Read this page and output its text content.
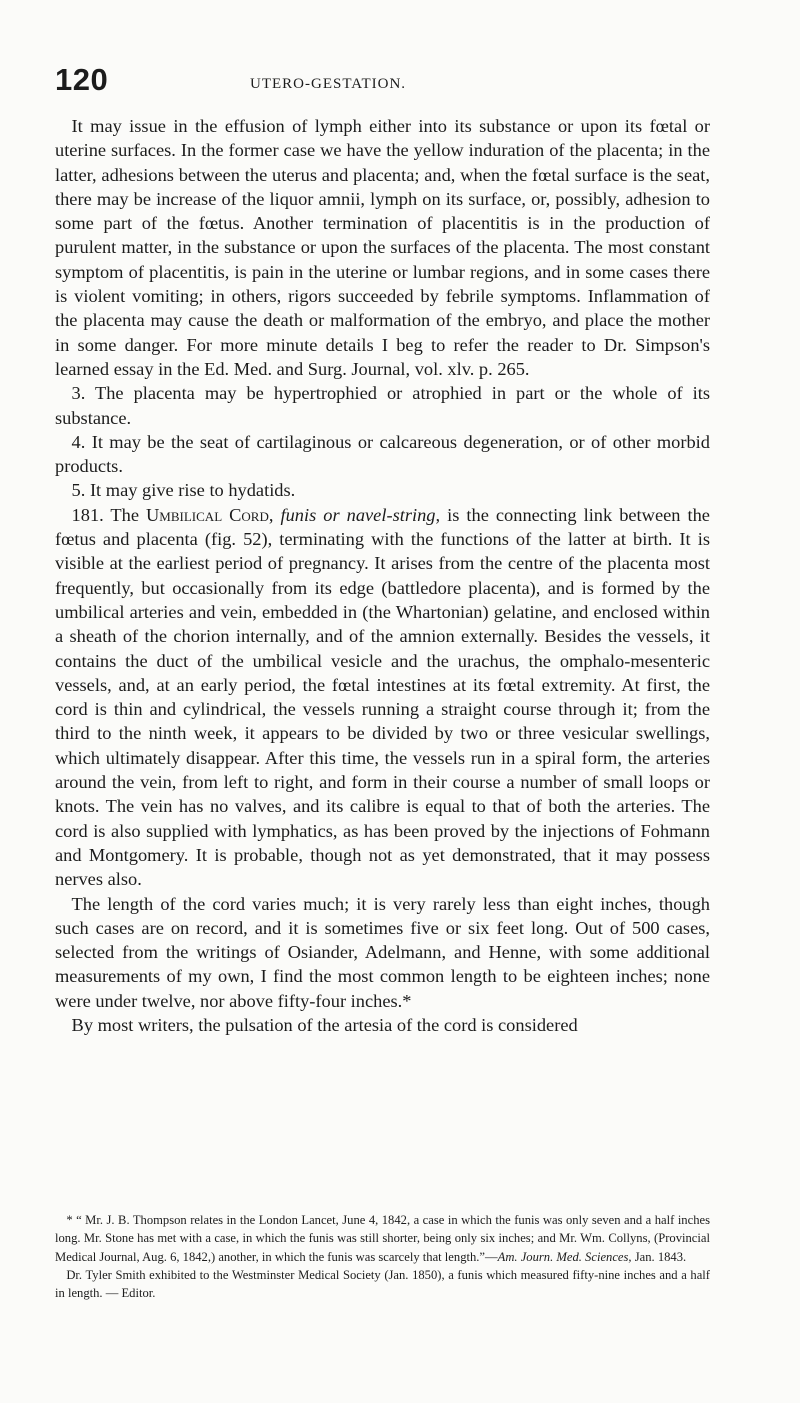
120	UTERO-GESTATION.

It may issue in the effusion of lymph either into its substance or upon its fœtal or uterine surfaces. In the former case we have the yellow induration of the placenta; in the latter, adhesions between the uterus and placenta; and, when the fœtal surface is the seat, there may be increase of the liquor amnii, lymph on its surface, or, possibly, adhesion to some part of the fœtus. Another termination of placentitis is in the production of purulent matter, in the substance or upon the surfaces of the placenta. The most constant symptom of placentitis, is pain in the uterine or lumbar regions, and in some cases there is violent vomiting; in others, rigors succeeded by febrile symptoms. Inflammation of the placenta may cause the death or malformation of the embryo, and place the mother in some danger. For more minute details I beg to refer the reader to Dr. Simpson's learned essay in the Ed. Med. and Surg. Journal, vol. xlv. p. 265.

3. The placenta may be hypertrophied or atrophied in part or the whole of its substance.

4. It may be the seat of cartilaginous or calcareous degeneration, or of other morbid products.

5. It may give rise to hydatids.

181. The Umbilical Cord, funis or navel-string, is the connecting link between the fœtus and placenta (fig. 52), terminating with the functions of the latter at birth. It is visible at the earliest period of pregnancy. It arises from the centre of the placenta most frequently, but occasionally from its edge (battledore placenta), and is formed by the umbilical arteries and vein, embedded in (the Whartonian) gelatine, and enclosed within a sheath of the chorion internally, and of the amnion externally. Besides the vessels, it contains the duct of the umbilical vesicle and the urachus, the omphalo-mesenteric vessels, and, at an early period, the fœtal intestines at its fœtal extremity. At first, the cord is thin and cylindrical, the vessels running a straight course through it; from the third to the ninth week, it appears to be divided by two or three vesicular swellings, which ultimately disappear. After this time, the vessels run in a spiral form, the arteries around the vein, from left to right, and form in their course a number of small loops or knots. The vein has no valves, and its calibre is equal to that of both the arteries. The cord is also supplied with lymphatics, as has been proved by the injections of Fohmann and Montgomery. It is probable, though not as yet demonstrated, that it may possess nerves also.

The length of the cord varies much; it is very rarely less than eight inches, though such cases are on record, and it is sometimes five or six feet long. Out of 500 cases, selected from the writings of Osiander, Adelmann, and Henne, with some additional measurements of my own, I find the most common length to be eighteen inches; none were under twelve, nor above fifty-four inches.*

By most writers, the pulsation of the artesia of the cord is considered

* “ Mr. J. B. Thompson relates in the London Lancet, June 4, 1842, a case in which the funis was only seven and a half inches long. Mr. Stone has met with a case, in which the funis was still shorter, being only six inches; and Mr. Wm. Collyns, (Provincial Medical Journal, Aug. 6, 1842,) another, in which the funis was scarcely that length.”—Am. Journ. Med. Sciences, Jan. 1843.

Dr. Tyler Smith exhibited to the Westminster Medical Society (Jan. 1850), a funis which measured fifty-nine inches and a half in length. — Editor.
